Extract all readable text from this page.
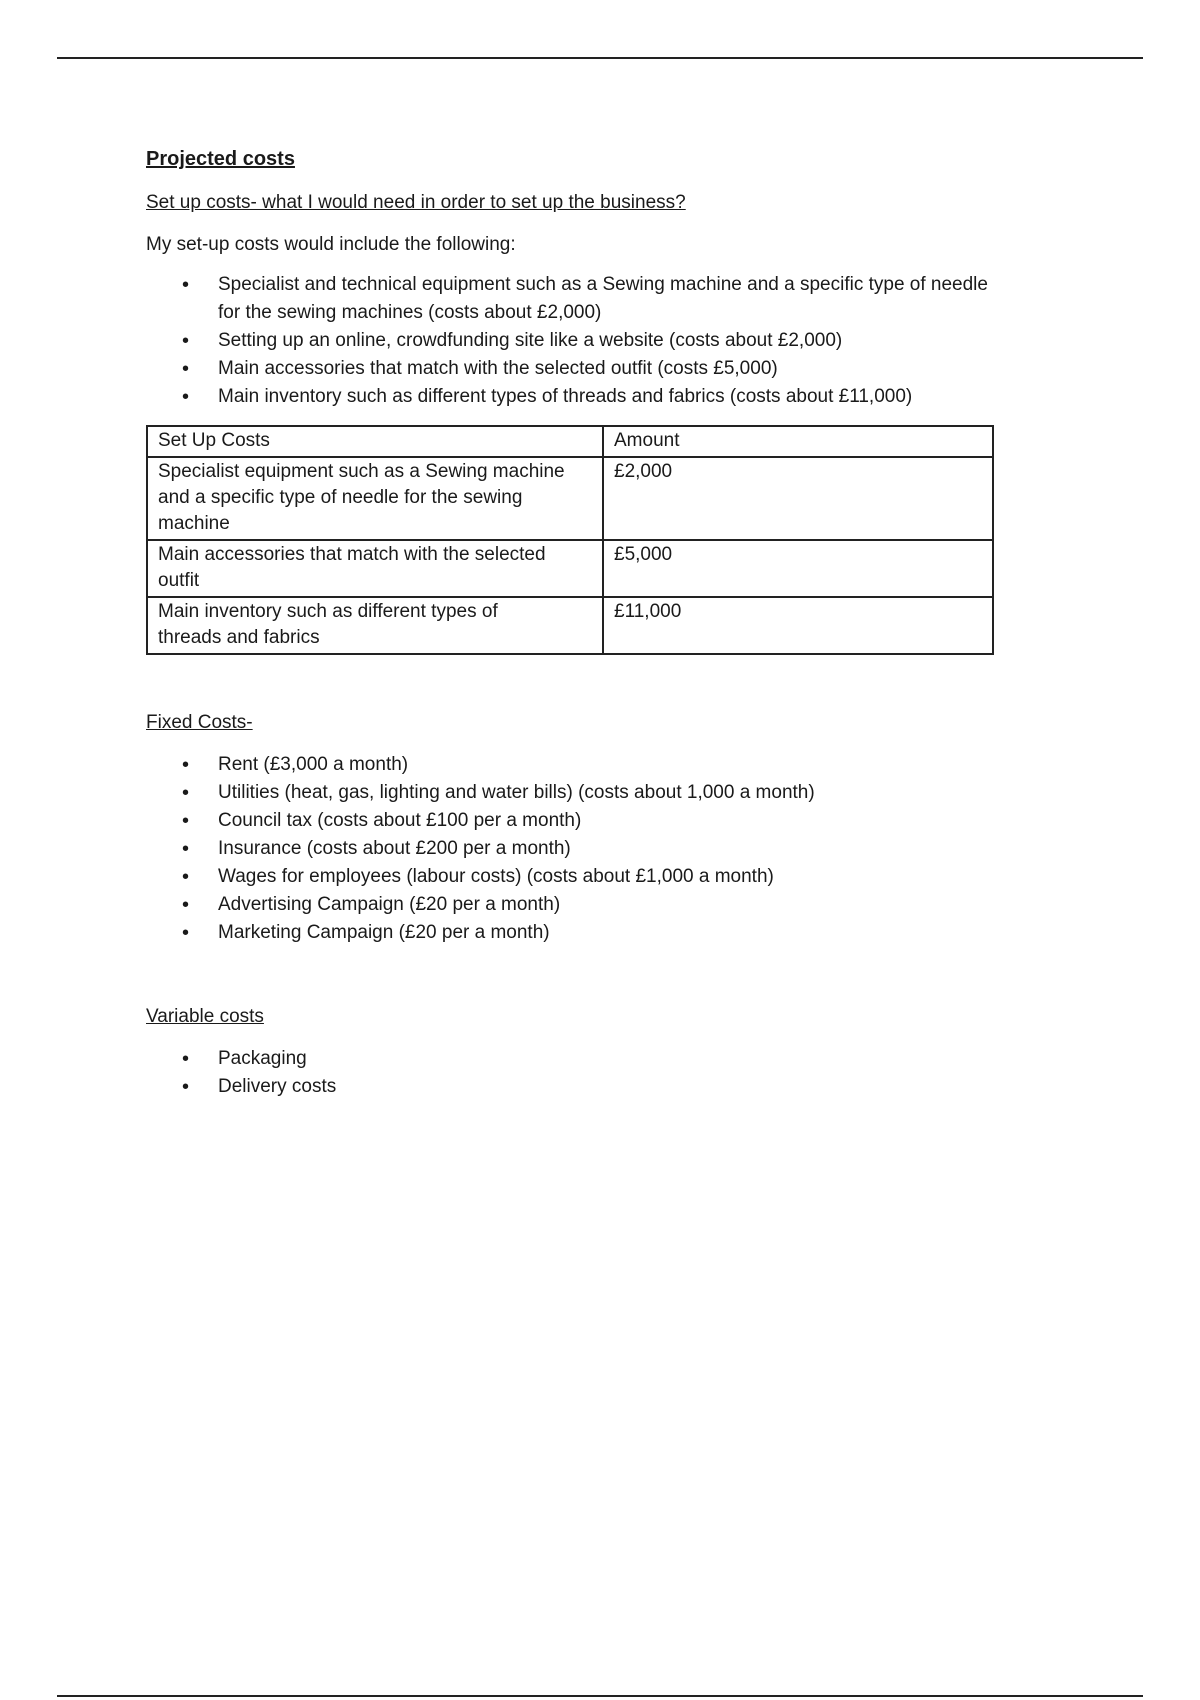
Projected costs
Set up costs- what I would need in order to set up the business?
My set-up costs would include the following:
•
Specialist and technical equipment such as a Sewing machine and a specific type of needle
for the sewing machines (costs about £2,000)
•
Setting up an online, crowdfunding site like a website (costs about £2,000)
•
Main accessories that match with the selected outfit (costs £5,000)
•
Main inventory such as different types of threads and fabrics (costs about £11,000)
Set Up Costs	Amount
Specialist equipment such as a Sewing machine
and a specific type of needle for the sewing
machine	£2,000
Main accessories that match with the selected
outfit	£5,000
Main inventory such as different types of
threads and fabrics	£11,000
Fixed Costs-
•
Rent (£3,000 a month)
•
Utilities (heat, gas, lighting and water bills) (costs about 1,000 a month)
•
Council tax (costs about £100 per a month)
•
Insurance (costs about £200 per a month)
•
Wages for employees (labour costs) (costs about £1,000 a month)
•
Advertising Campaign (£20 per a month)
•
Marketing Campaign (£20 per a month)
Variable costs
•
Packaging
•
Delivery costs
